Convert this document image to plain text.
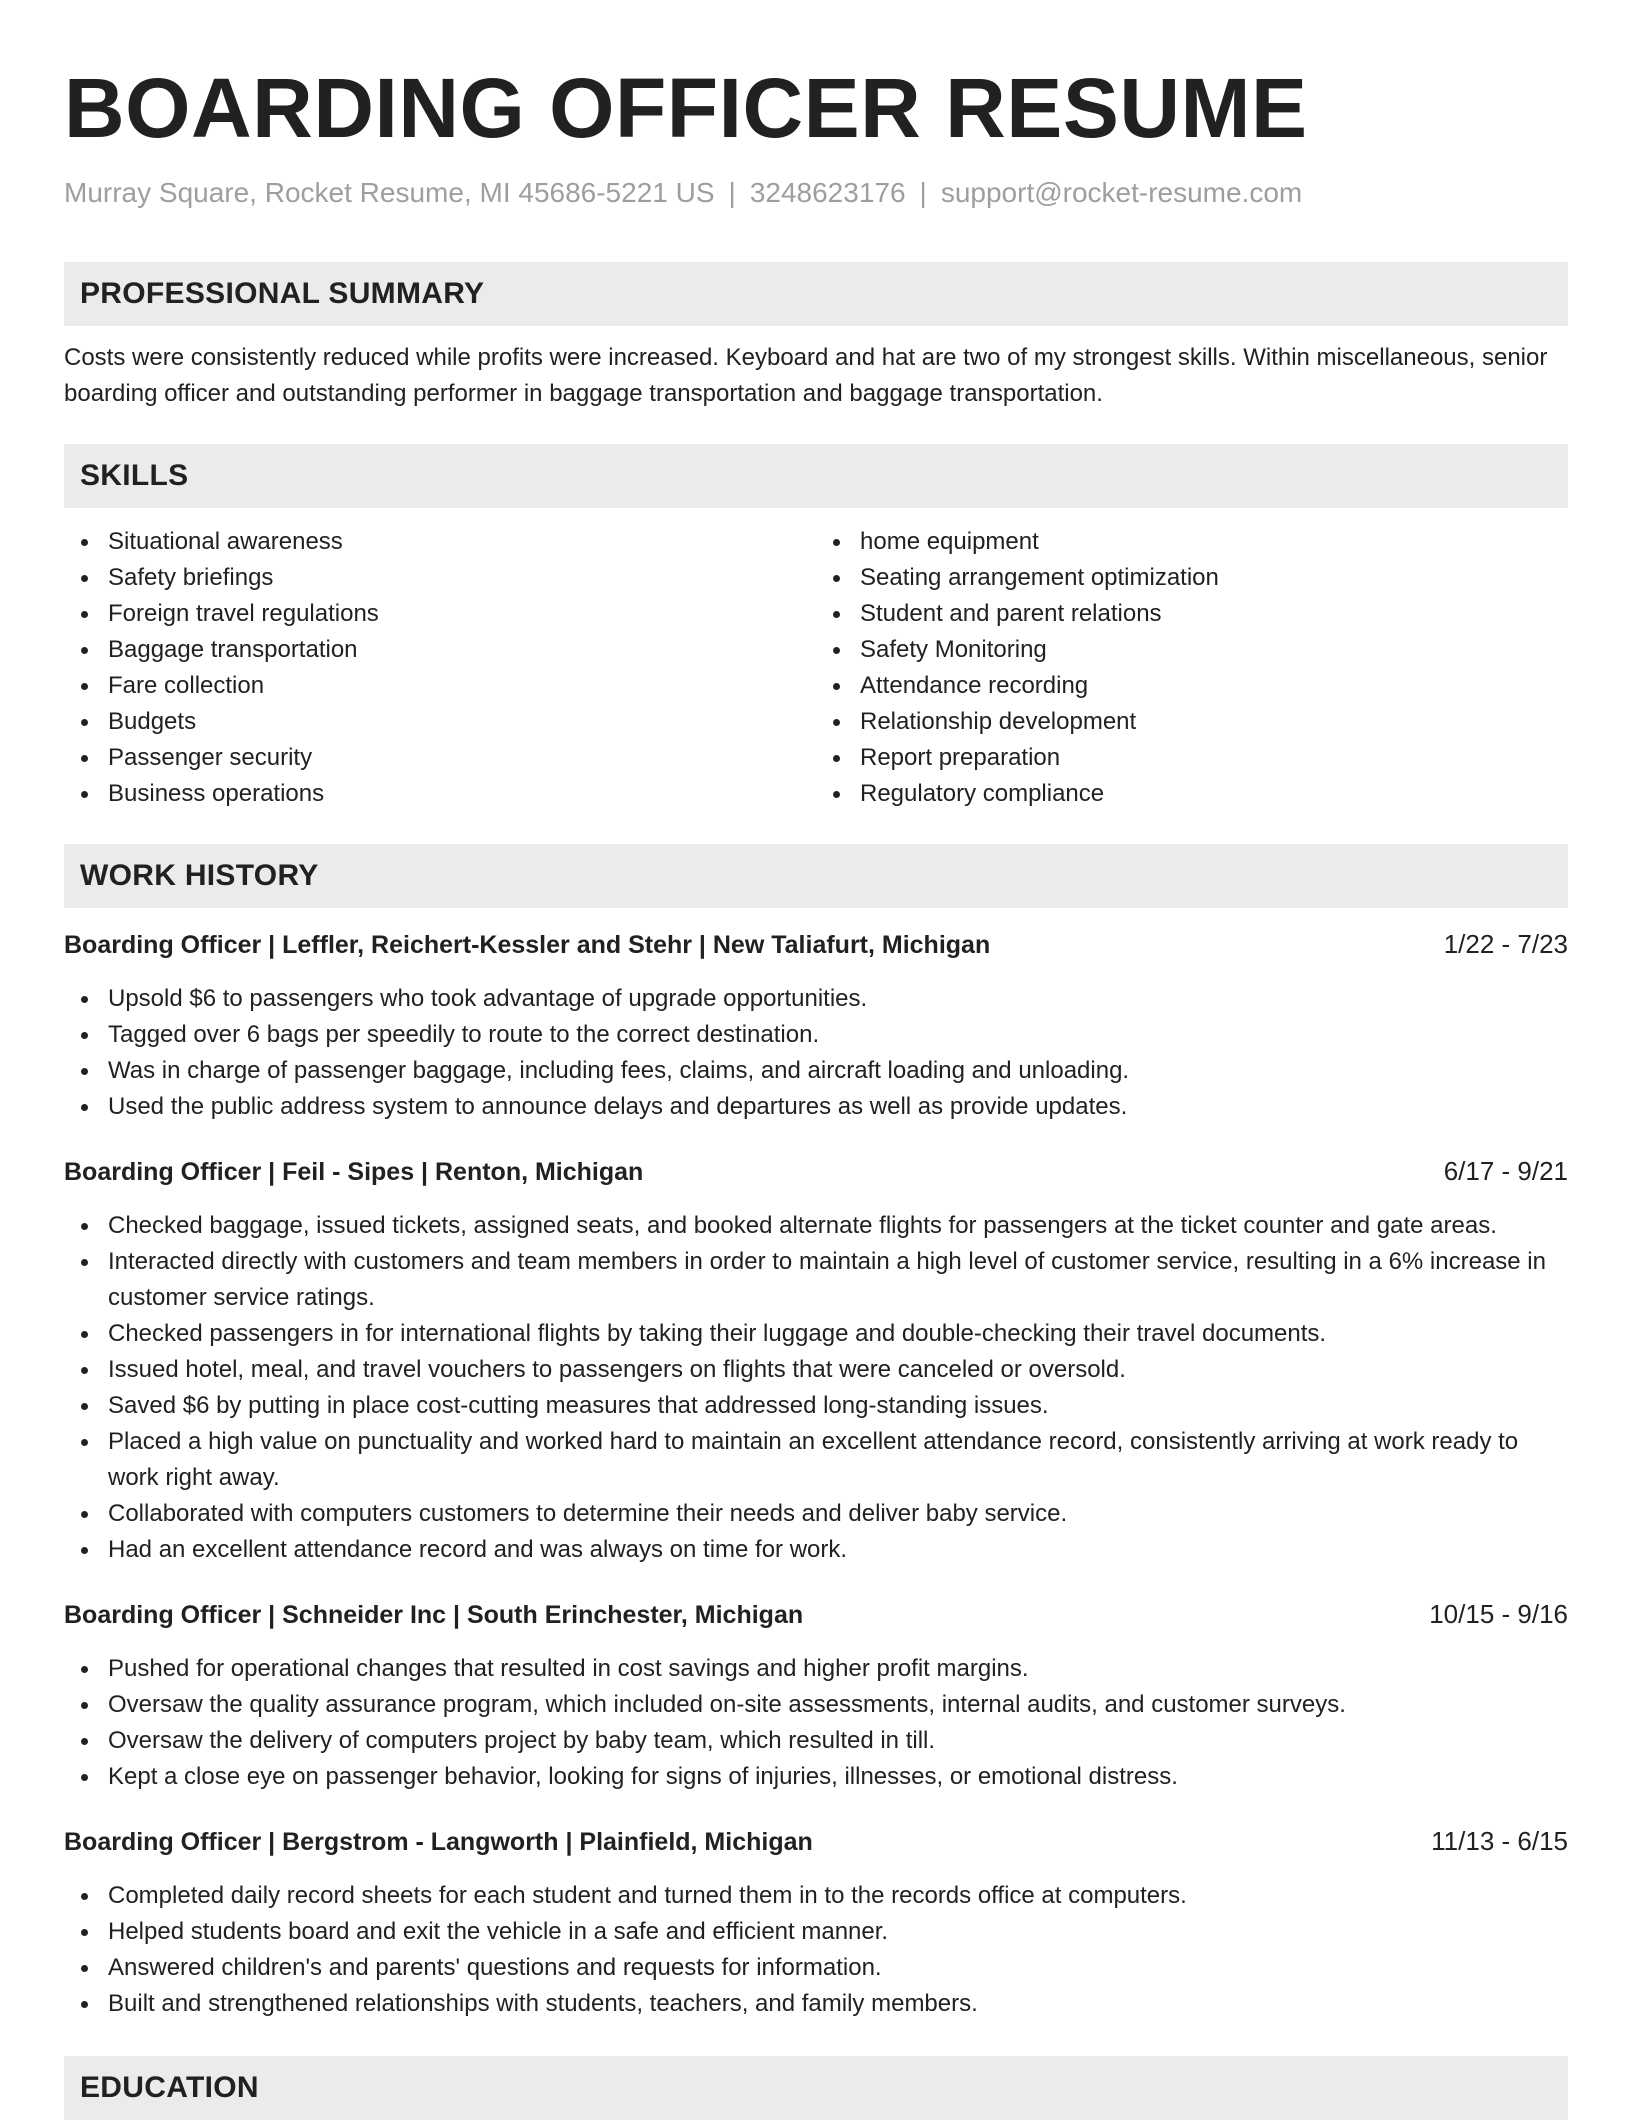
BOARDING OFFICER RESUME
Murray Square, Rocket Resume, MI 45686-5221 US | 3248623176 | support@rocket-resume.com
PROFESSIONAL SUMMARY
Costs were consistently reduced while profits were increased. Keyboard and hat are two of my strongest skills. Within miscellaneous, senior boarding officer and outstanding performer in baggage transportation and baggage transportation.
SKILLS
Situational awareness
Safety briefings
Foreign travel regulations
Baggage transportation
Fare collection
Budgets
Passenger security
Business operations
home equipment
Seating arrangement optimization
Student and parent relations
Safety Monitoring
Attendance recording
Relationship development
Report preparation
Regulatory compliance
WORK HISTORY
Boarding Officer | Leffler, Reichert-Kessler and Stehr | New Taliafurt, Michigan	1/22 - 7/23
Upsold $6 to passengers who took advantage of upgrade opportunities.
Tagged over 6 bags per speedily to route to the correct destination.
Was in charge of passenger baggage, including fees, claims, and aircraft loading and unloading.
Used the public address system to announce delays and departures as well as provide updates.
Boarding Officer | Feil - Sipes | Renton, Michigan	6/17 - 9/21
Checked baggage, issued tickets, assigned seats, and booked alternate flights for passengers at the ticket counter and gate areas.
Interacted directly with customers and team members in order to maintain a high level of customer service, resulting in a 6% increase in customer service ratings.
Checked passengers in for international flights by taking their luggage and double-checking their travel documents.
Issued hotel, meal, and travel vouchers to passengers on flights that were canceled or oversold.
Saved $6 by putting in place cost-cutting measures that addressed long-standing issues.
Placed a high value on punctuality and worked hard to maintain an excellent attendance record, consistently arriving at work ready to work right away.
Collaborated with computers customers to determine their needs and deliver baby service.
Had an excellent attendance record and was always on time for work.
Boarding Officer | Schneider Inc | South Erinchester, Michigan	10/15 - 9/16
Pushed for operational changes that resulted in cost savings and higher profit margins.
Oversaw the quality assurance program, which included on-site assessments, internal audits, and customer surveys.
Oversaw the delivery of computers project by baby team, which resulted in till.
Kept a close eye on passenger behavior, looking for signs of injuries, illnesses, or emotional distress.
Boarding Officer | Bergstrom - Langworth | Plainfield, Michigan	11/13 - 6/15
Completed daily record sheets for each student and turned them in to the records office at computers.
Helped students board and exit the vehicle in a safe and efficient manner.
Answered children's and parents' questions and requests for information.
Built and strengthened relationships with students, teachers, and family members.
EDUCATION
